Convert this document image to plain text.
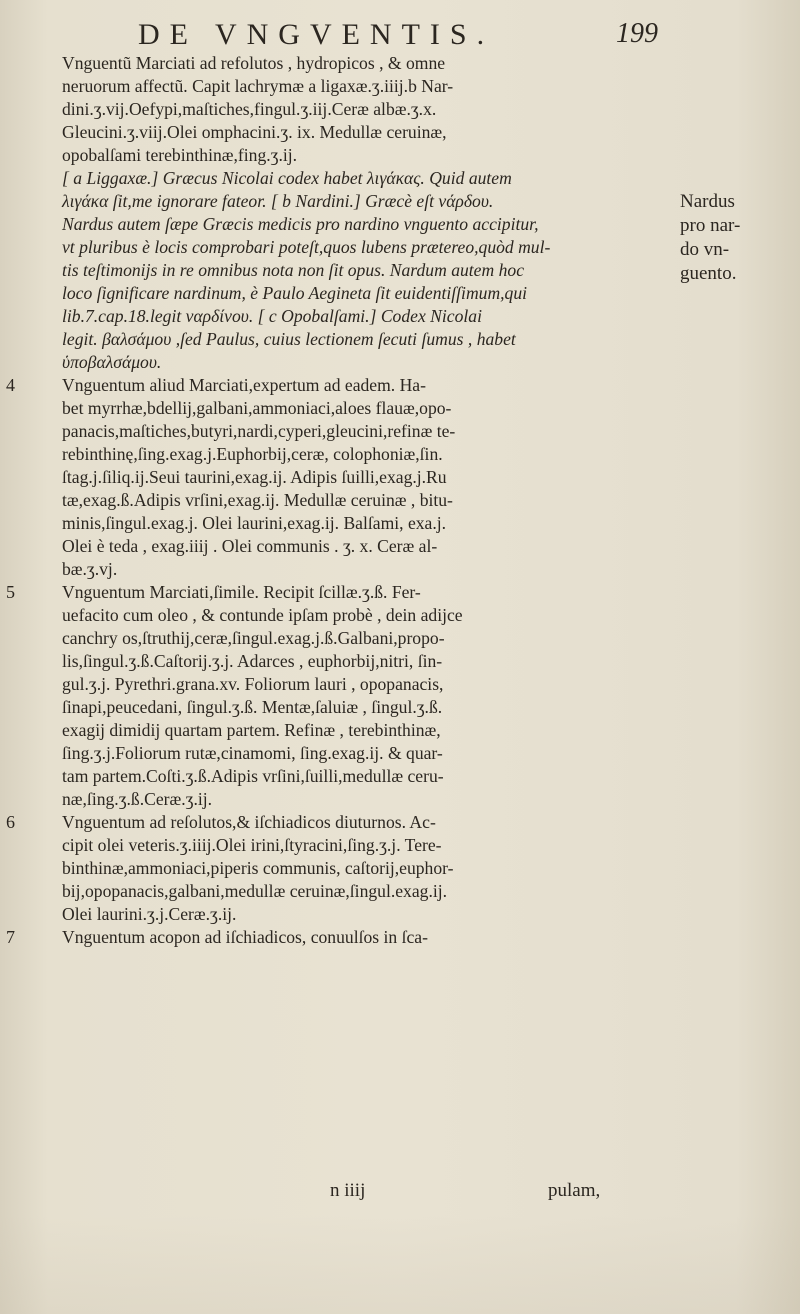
DE VNGVENTIS.	199
Vnguentũ Marciati ad refolutos , hydropicos , & omne
neruorum affectũ. Capit lachrymæ a ligaxæ.ʒ.iiij.b Nar-
dini.ʒ.vij.Oefypi,maſtiches,fingul.ʒ.iij.Ceræ albæ.ʒ.x.
Gleucini.ʒ.viij.Olei omphacini.ʒ. ix. Medullæ ceruinæ,
opobalſami terebinthinæ,fing.ʒ.ij.
[ a Liggaxæ.] Græcus Nicolai codex habet λιγάκας. Quid autem
λιγάκα ſit,me ignorare fateor. [ b Nardini.] Græcè eſt νάρδου.
Nardus autem ſæpe Græcis medicis pro nardino vnguento accipitur,
vt pluribus è locis comprobari poteſt,quos lubens prætereo,quòd mul-
tis teſtimonijs in re omnibus nota non ſit opus. Nardum autem hoc
loco ſignificare nardinum, è Paulo Aegineta ſit euidentiſſimum,qui
lib.7.cap.18.legit ναρδίνου. [ c Opobalſami.] Codex Nicolai
legit. βαλσάμου ,ſed Paulus, cuius lectionem ſecuti ſumus , habet
ὑποβαλσάμου.
4	Vnguentum aliud Marciati,expertum ad eadem. Ha-
bet myrrhæ,bdellij,galbani,ammoniaci,aloes flauæ,opo-
panacis,maſtiches,butyri,nardi,cyperi,gleucini,refinæ te-
rebinthinę,ſing.exag.j.Euphorbij,ceræ, colophoniæ,ſin.
ſtag.j.ſiliq.ij.Seui taurini,exag.ij. Adipis ſuilli,exag.j.Ru
tæ,exag.ß.Adipis vrſini,exag.ij. Medullæ ceruinæ , bitu-
minis,ſingul.exag.j. Olei laurini,exag.ij. Balſami, exa.j.
Olei è teda , exag.iiij . Olei communis . ʒ. x. Ceræ al-
bæ.ʒ.vj.
5	Vnguentum Marciati,ſimile. Recipit ſcillæ.ʒ.ß. Fer-
uefacito cum oleo , & contunde ipſam probè , dein adijce
canchry os,ſtruthij,ceræ,ſingul.exag.j.ß.Galbani,propo-
lis,ſingul.ʒ.ß.Caſtorij.ʒ.j. Adarces , euphorbij,nitri, ſin-
gul.ʒ.j. Pyrethri.grana.xv. Foliorum lauri , opopanacis,
ſinapi,peucedani, ſingul.ʒ.ß. Mentæ,ſaluiæ , ſingul.ʒ.ß.
exagij dimidij quartam partem. Refinæ , terebinthinæ,
ſing.ʒ.j.Foliorum rutæ,cinamomi, ſing.exag.ij. & quar-
tam partem.Coſti.ʒ.ß.Adipis vrſini,ſuilli,medullæ ceru-
næ,ſing.ʒ.ß.Ceræ.ʒ.ij.
6	Vnguentum ad reſolutos,& iſchiadicos diuturnos. Ac-
cipit olei veteris.ʒ.iiij.Olei irini,ſtyracini,ſing.ʒ.j. Tere-
binthinæ,ammoniaci,piperis communis, caſtorij,euphor-
bij,opopanacis,galbani,medullæ ceruinæ,ſingul.exag.ij.
Olei laurini.ʒ.j.Ceræ.ʒ.ij.
7	Vnguentum acopon ad iſchiadicos, conuulſos in ſca-
Nardus
pro nar-
do vn-
guento.
n iiij	pulam,
